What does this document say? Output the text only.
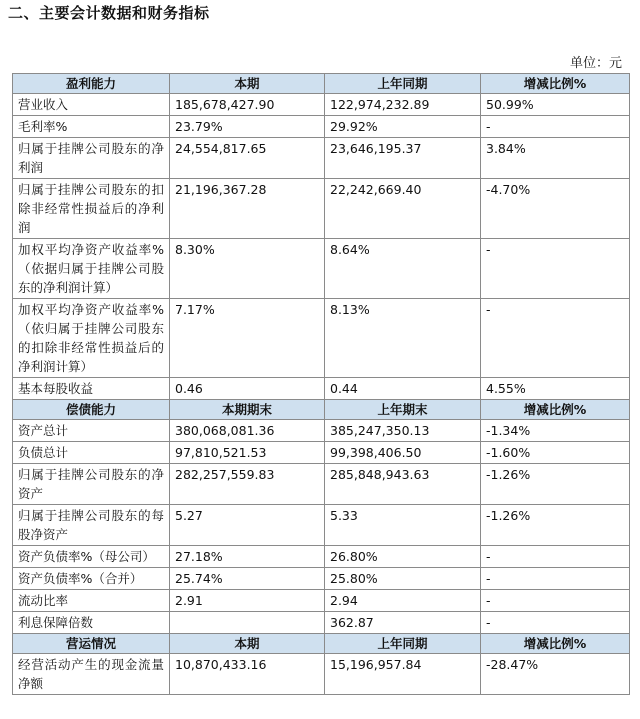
二、主要会计数据和财务指标
单位：元
盈利能力	本期	上年同期	增减比例%
营业收入	185,678,427.90	122,974,232.89	50.99%
毛利率%	23.79%	29.92%	-
归属于挂牌公司股东的净利润	24,554,817.65	23,646,195.37	3.84%
归属于挂牌公司股东的扣除非经常性损益后的净利润	21,196,367.28	22,242,669.40	-4.70%
加权平均净资产收益率%（依据归属于挂牌公司股东的净利润计算）	8.30%	8.64%	-
加权平均净资产收益率%（依归属于挂牌公司股东的扣除非经常性损益后的净利润计算）	7.17%	8.13%	-
基本每股收益	0.46	0.44	4.55%
偿债能力	本期期末	上年期末	增减比例%
资产总计	380,068,081.36	385,247,350.13	-1.34%
负债总计	97,810,521.53	99,398,406.50	-1.60%
归属于挂牌公司股东的净资产	282,257,559.83	285,848,943.63	-1.26%
归属于挂牌公司股东的每股净资产	5.27	5.33	-1.26%
资产负债率%（母公司）	27.18%	26.80%	-
资产负债率%（合并）	25.74%	25.80%	-
流动比率	2.91	2.94	-
利息保障倍数		362.87	-
营运情况	本期	上年同期	增减比例%
经营活动产生的现金流量净额	10,870,433.16	15,196,957.84	-28.47%
